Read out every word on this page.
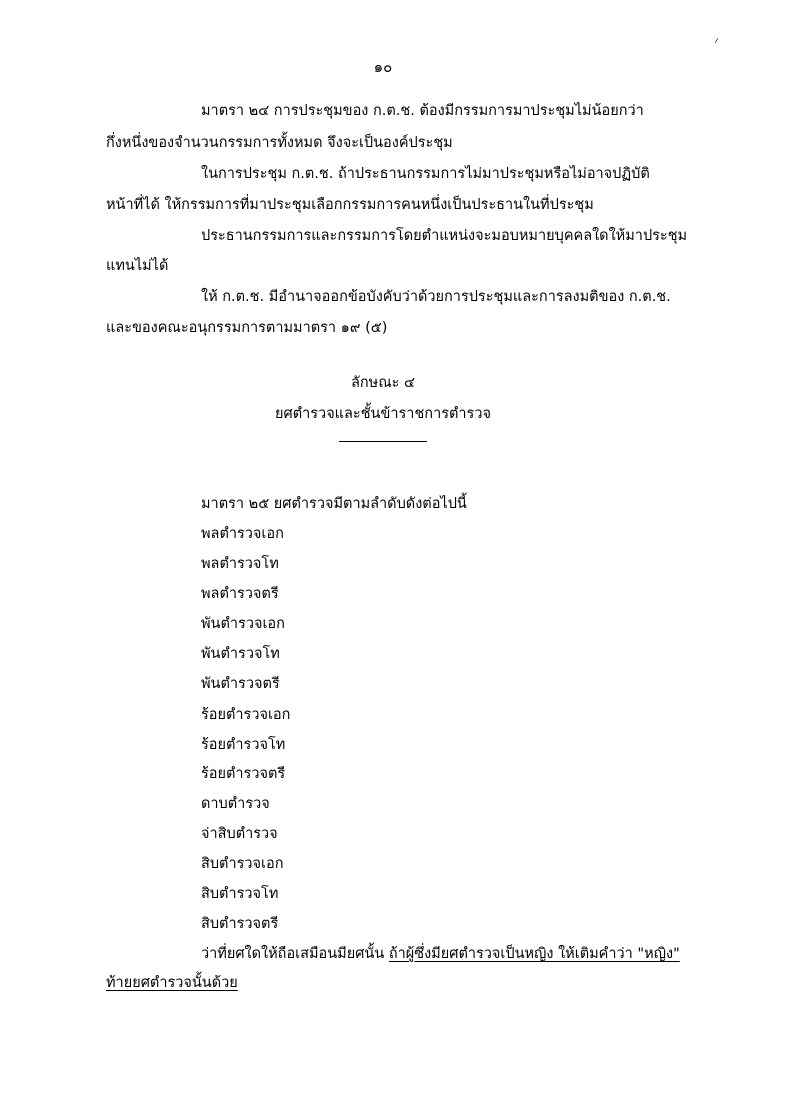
๑๐
มาตรา ๒๔ การประชุมของ ก.ต.ช. ต้องมีกรรมการมาประชุมไม่น้อยกว่า
กึ่งหนึ่งของจำนวนกรรมการทั้งหมด จึงจะเป็นองค์ประชุม
ในการประชุม ก.ต.ช. ถ้าประธานกรรมการไม่มาประชุมหรือไม่อาจปฏิบัติ
หน้าที่ได้ ให้กรรมการที่มาประชุมเลือกกรรมการคนหนึ่งเป็นประธานในที่ประชุม
ประธานกรรมการและกรรมการโดยตำแหน่งจะมอบหมายบุคคลใดให้มาประชุม
แทนไม่ได้
ให้ ก.ต.ช. มีอำนาจออกข้อบังคับว่าด้วยการประชุมและการลงมติของ ก.ต.ช.
และของคณะอนุกรรมการตามมาตรา ๑๙ (๕)
ลักษณะ ๔
ยศตำรวจและชั้นข้าราชการตำรวจ
มาตรา ๒๕ ยศตำรวจมีตามลำดับดังต่อไปนี้
พลตำรวจเอก
พลตำรวจโท
พลตำรวจตรี
พันตำรวจเอก
พันตำรวจโท
พันตำรวจตรี
ร้อยตำรวจเอก
ร้อยตำรวจโท
ร้อยตำรวจตรี
ดาบตำรวจ
จ่าสิบตำรวจ
สิบตำรวจเอก
สิบตำรวจโท
สิบตำรวจตรี
ว่าที่ยศใดให้ถือเสมือนมียศนั้น ถ้าผู้ซึ่งมียศตำรวจเป็นหญิง ให้เติมคำว่า "หญิง"
ท้ายยศตำรวจนั้นด้วย
